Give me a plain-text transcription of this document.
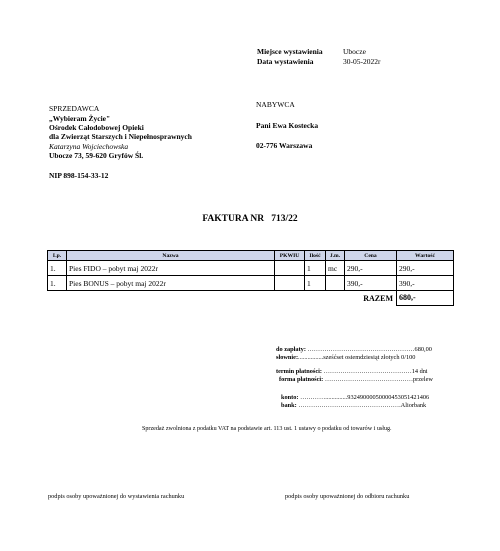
Miejsce wystawienia	Ubocze
Data wystawienia	30-05-2022r
SPRZEDAWCA
„Wybieram Życie"
Ośrodek Całodobowej Opieki
dla Zwierząt Starszych i Niepełnosprawnych
Katarzyna Wojciechowska
Ubocze 73, 59-620 Gryfów Śl.
NIP 898-154-33-12
NABYWCA
Pani Ewa Kostecka
02-776 Warszawa
FAKTURA NR   713/22
Lp.	Nazwa	PKWIU	Ilość	J.m.	Cena	Wartość
1.	Pies FIDO – pobyt maj 2022r		1	mc	290,-	290,-
1.	Pies BONUS – pobyt maj 2022r		1		390,-	390,-
					RAZEM	680,-
do zapłaty: ……………………………………………680,00
słownie:................sześćset osiemdziesiąt złotych 0/100
termin płatności: ……………………………………14 dni
forma płatności: ……………………………………przelew
konto: …………..............93249000050000453051421406
bank: ………………………………………….Aliorbank
Sprzedaż zwolniona z podatku VAT na podstawie art. 113 ust. 1 ustawy o podatku od towarów i usług.
podpis osoby upoważnionej do wystawienia rachunku	podpis osoby upoważnionej do odbioru rachunku
